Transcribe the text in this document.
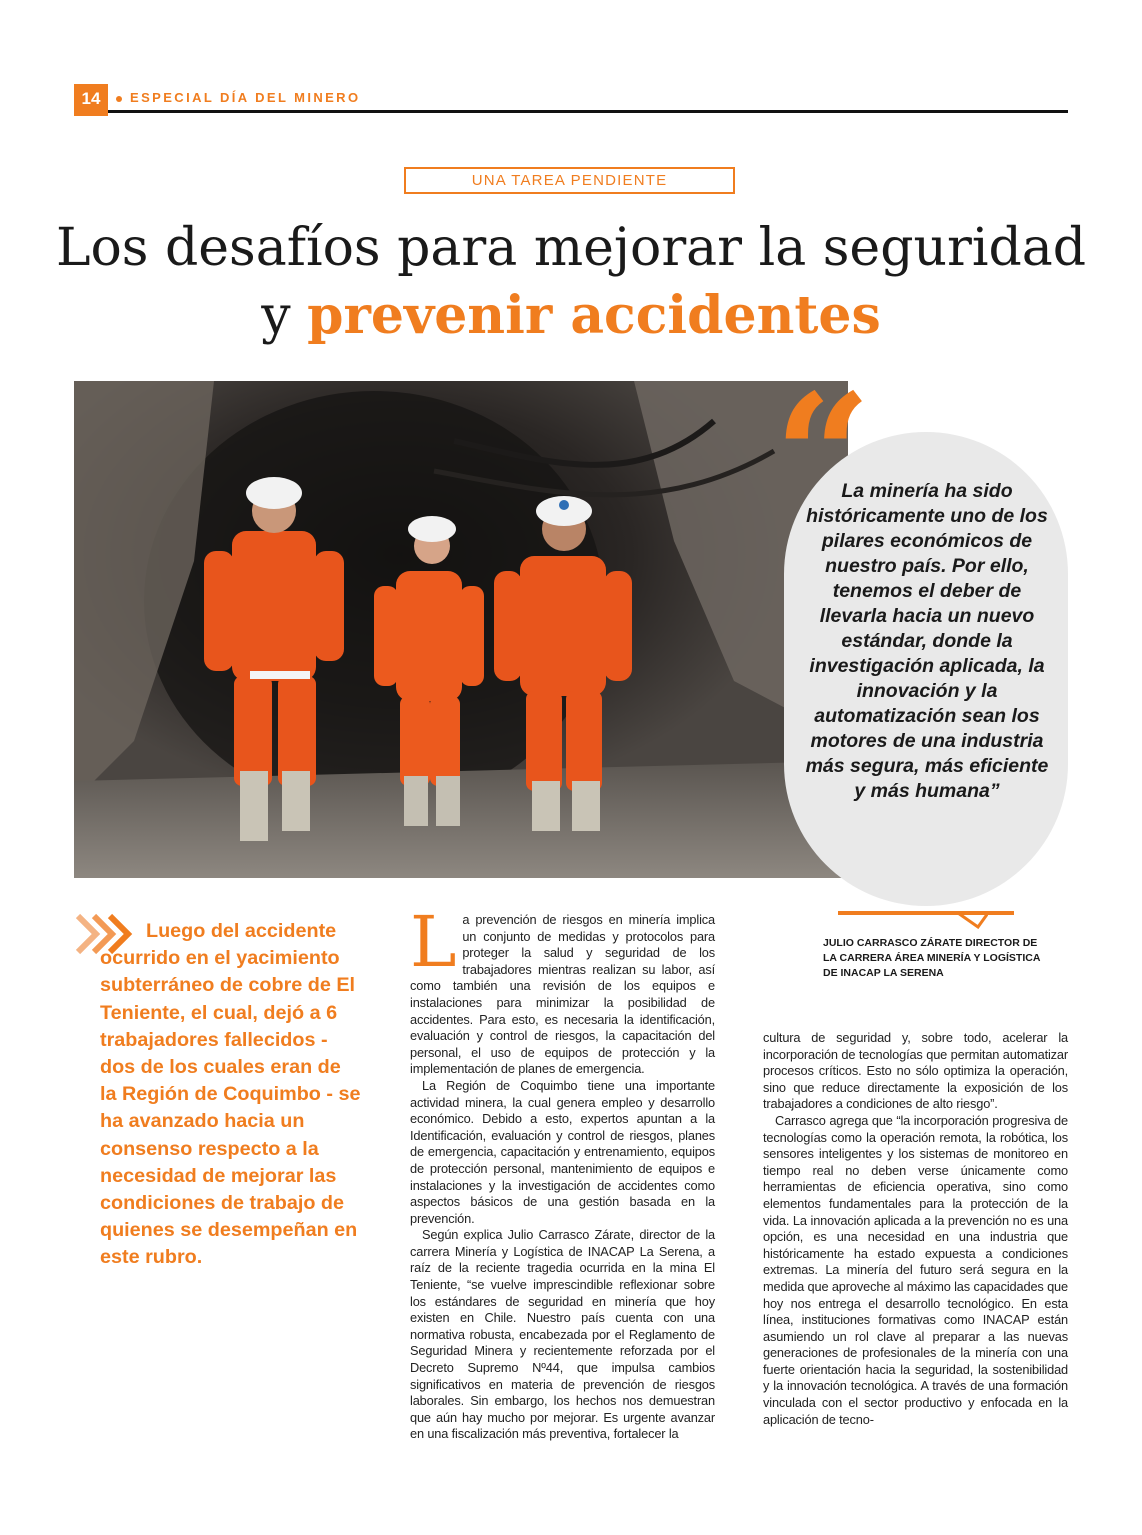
14	ESPECIAL DÍA DEL MINERO
UNA TAREA PENDIENTE
Los desafíos para mejorar la seguridad y prevenir accidentes
“
La minería ha sido históricamente uno de los pilares económicos de nuestro país. Por ello, tenemos el deber de llevarla hacia un nuevo estándar, donde la investigación aplicada, la innovación y la automatización sean los motores de una industria más segura, más eficiente y más humana”
JULIO CARRASCO ZÁRATE DIRECTOR DE LA CARRERA ÁREA MINERÍA Y LOGÍSTICA DE INACAP LA SERENA
Luego del accidente ocurrido en el yacimiento subterráneo de cobre de El Teniente, el cual, dejó a 6 trabajadores fallecidos - dos de los cuales eran de la Región de Coquimbo - se ha avanzado hacia un consenso respecto a la necesidad de mejorar las condiciones de trabajo de quienes se desempeñan en este rubro.

La prevención de riesgos en minería implica un conjunto de medidas y protocolos para proteger la salud y seguridad de los trabajadores mientras realizan su labor, así como también una revisión de los equipos e instalaciones para minimizar la posibilidad de accidentes. Para esto, es necesaria la identificación, evaluación y control de riesgos, la capacitación del personal, el uso de equipos de protección y la implementación de planes de emergencia.

La Región de Coquimbo tiene una importante actividad minera, la cual genera empleo y desarrollo económico. Debido a esto, expertos apuntan a la Identificación, evaluación y control de riesgos, planes de emergencia, capacitación y entrenamiento, equipos de protección personal, mantenimiento de equipos e instalaciones y la investigación de accidentes como aspectos básicos de una gestión basada en la prevención.

Según explica Julio Carrasco Zárate, director de la carrera Minería y Logística de INACAP La Serena, a raíz de la reciente tragedia ocurrida en la mina El Teniente, “se vuelve imprescindible reflexionar sobre los estándares de seguridad en minería que hoy existen en Chile. Nuestro país cuenta con una normativa robusta, encabezada por el Reglamento de Seguridad Minera y recientemente reforzada por el Decreto Supremo Nº44, que impulsa cambios significativos en materia de prevención de riesgos laborales. Sin embargo, los hechos nos demuestran que aún hay mucho por mejorar. Es urgente avanzar en una fiscalización más preventiva, fortalecer la

cultura de seguridad y, sobre todo, acelerar la incorporación de tecnologías que permitan automatizar procesos críticos. Esto no sólo optimiza la operación, sino que reduce directamente la exposición de los trabajadores a condiciones de alto riesgo”.

Carrasco agrega que “la incorporación progresiva de tecnologías como la operación remota, la robótica, los sensores inteligentes y los sistemas de monitoreo en tiempo real no deben verse únicamente como herramientas de eficiencia operativa, sino como elementos fundamentales para la protección de la vida. La innovación aplicada a la prevención no es una opción, es una necesidad en una industria que históricamente ha estado expuesta a condiciones extremas. La minería del futuro será segura en la medida que aproveche al máximo las capacidades que hoy nos entrega el desarrollo tecnológico. En esta línea, instituciones formativas como INACAP están asumiendo un rol clave al preparar a las nuevas generaciones de profesionales de la minería con una fuerte orientación hacia la seguridad, la sostenibilidad y la innovación tecnológica. A través de una formación vinculada con el sector productivo y enfocada en la aplicación de tecno-
